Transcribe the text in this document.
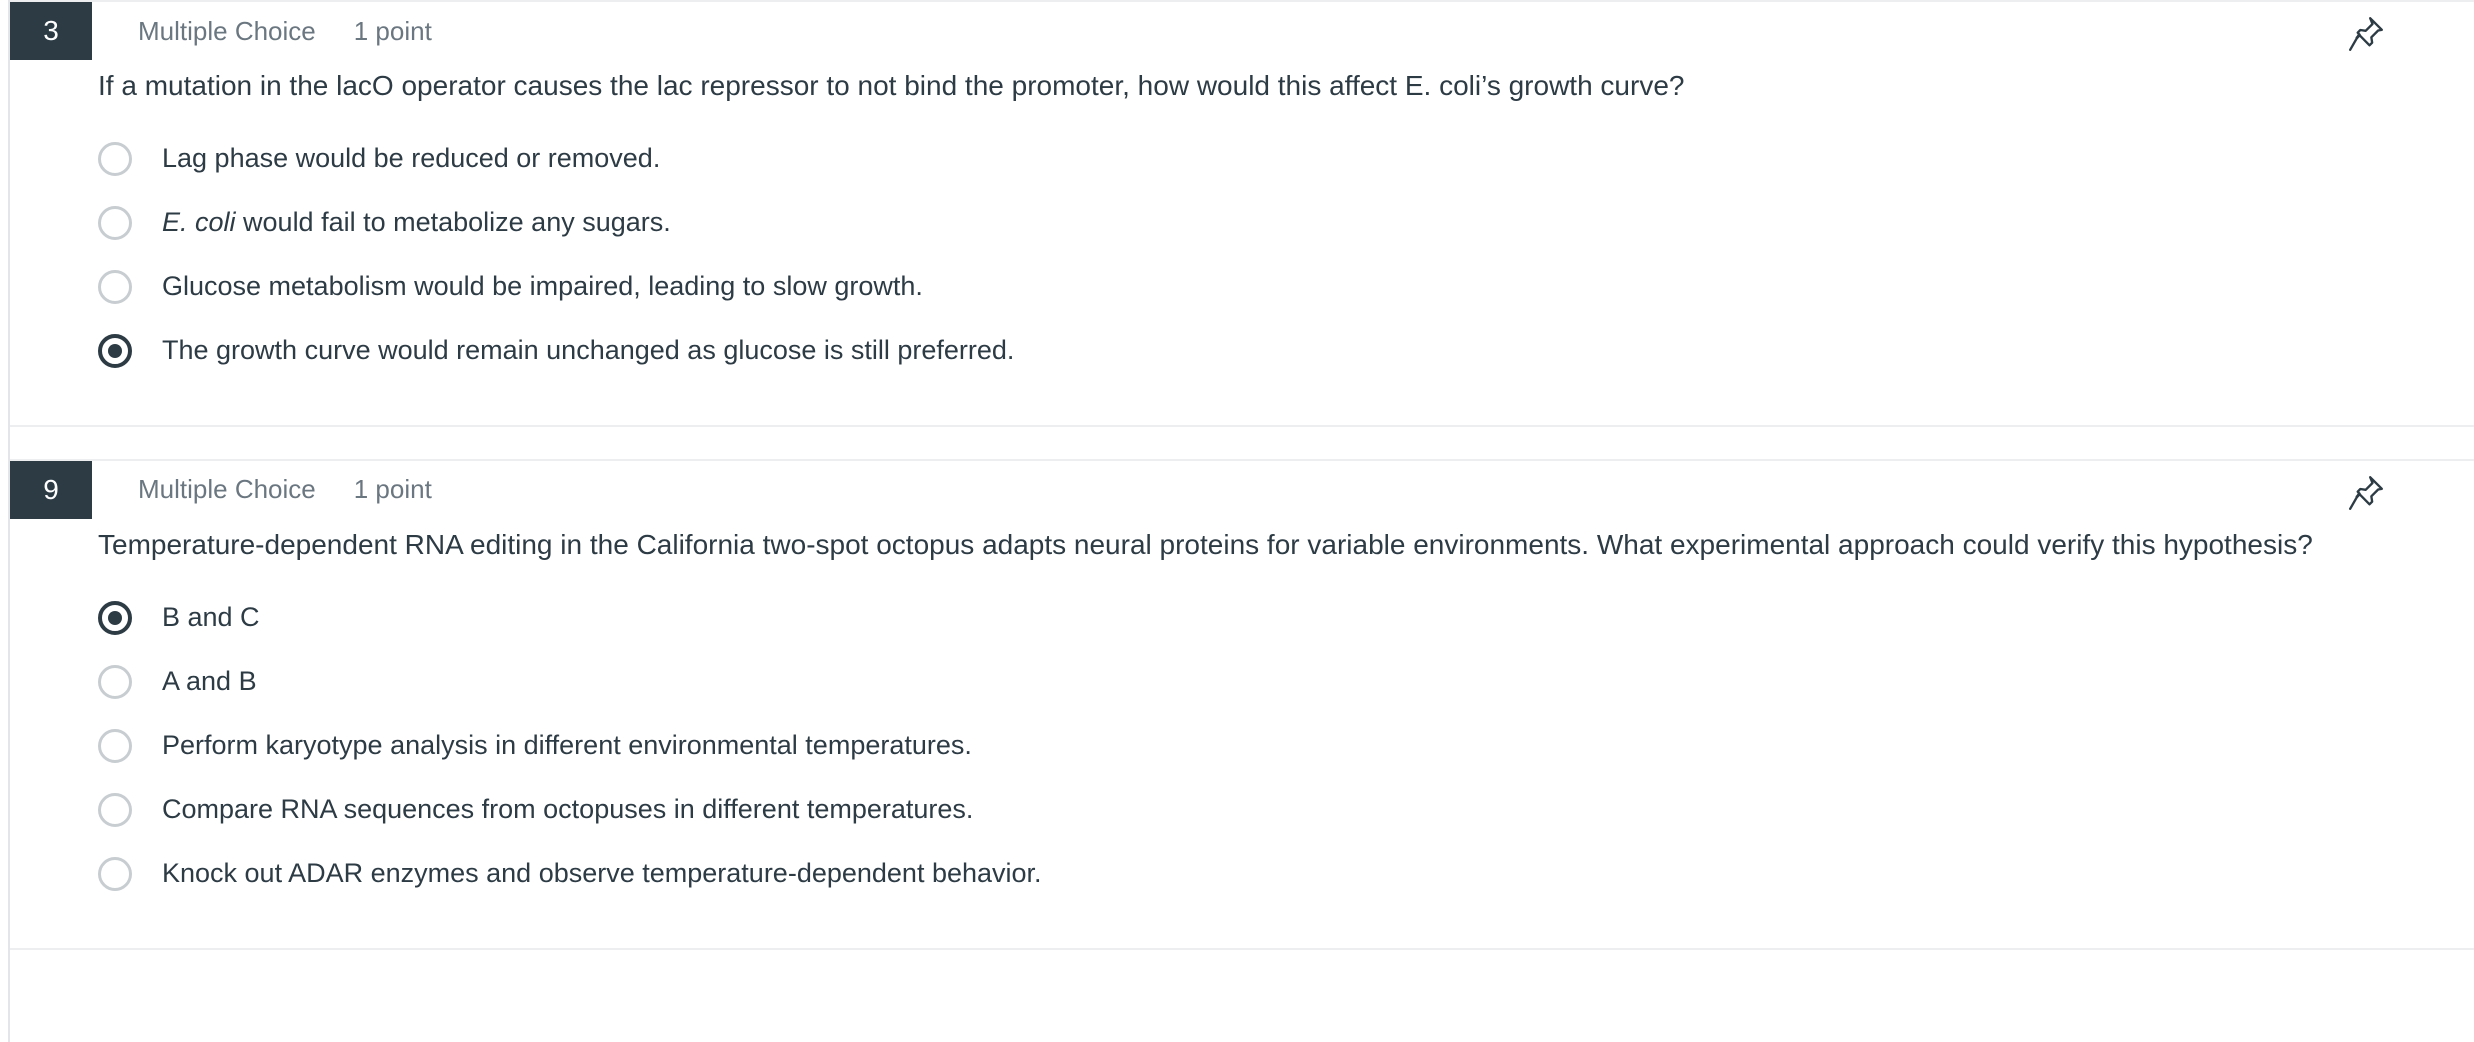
3	Multiple Choice 1 point
If a mutation in the lacO operator causes the lac repressor to not bind the promoter, how would this affect E. coli’s growth curve?
Lag phase would be reduced or removed.
E. coli would fail to metabolize any sugars.
Glucose metabolism would be impaired, leading to slow growth.
The growth curve would remain unchanged as glucose is still preferred.
9	Multiple Choice 1 point
Temperature-dependent RNA editing in the California two-spot octopus adapts neural proteins for variable environments. What experimental approach could verify this hypothesis?
B and C
A and B
Perform karyotype analysis in different environmental temperatures.
Compare RNA sequences from octopuses in different temperatures.
Knock out ADAR enzymes and observe temperature-dependent behavior.
